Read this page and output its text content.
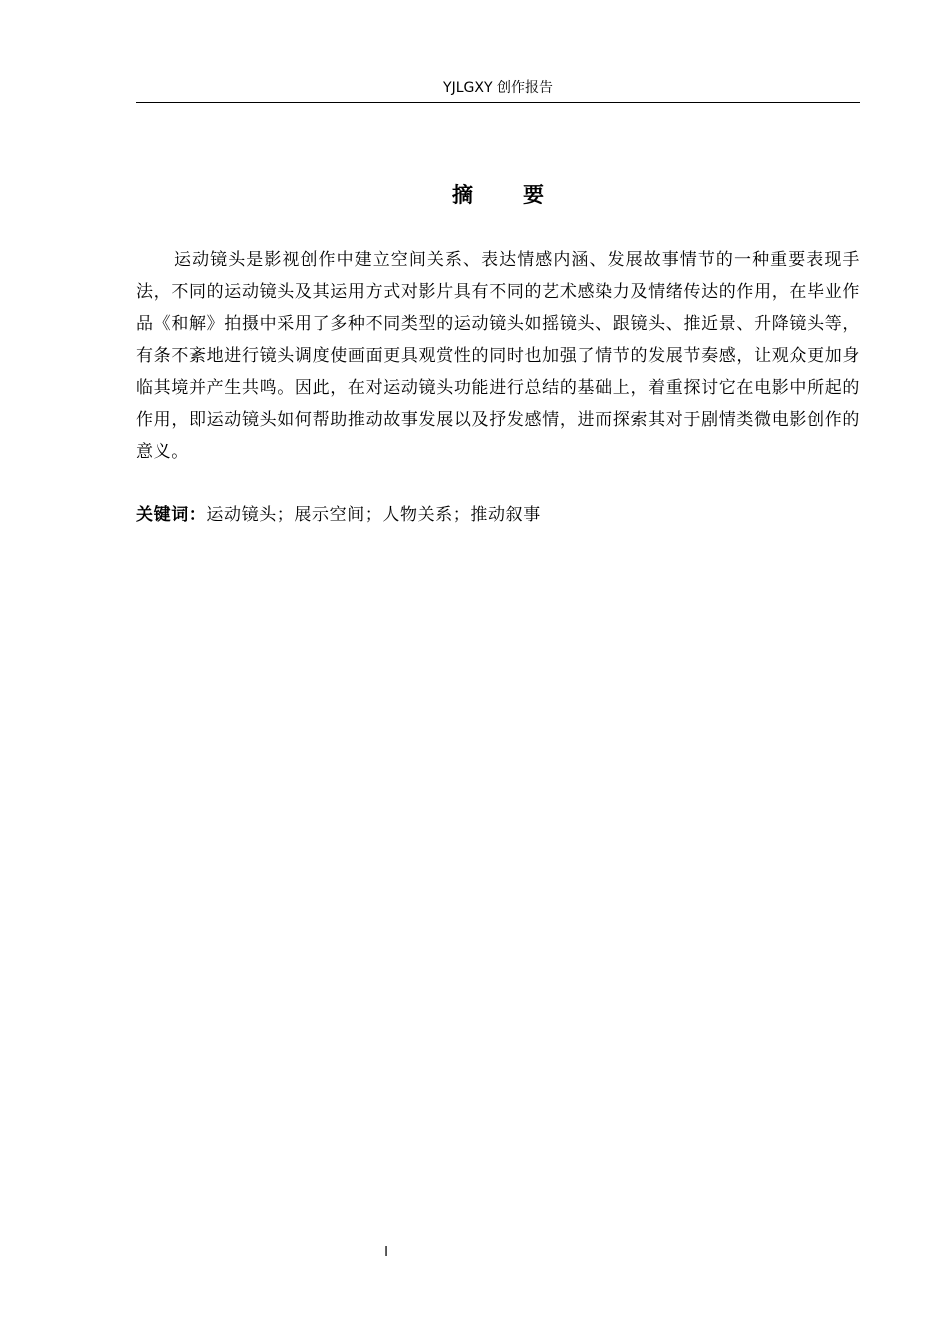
YJLGXY 创作报告
摘要

运动镜头是影视创作中建立空间关系、表达情感内涵、发展故事情节的一种重要表现手法，不同的运动镜头及其运用方式对影片具有不同的艺术感染力及情绪传达的作用，在毕业作品《和解》拍摄中采用了多种不同类型的运动镜头如摇镜头、跟镜头、推近景、升降镜头等，有条不紊地进行镜头调度使画面更具观赏性的同时也加强了情节的发展节奏感，让观众更加身临其境并产生共鸣。因此，在对运动镜头功能进行总结的基础上，着重探讨它在电影中所起的作用，即运动镜头如何帮助推动故事发展以及抒发感情，进而探索其对于剧情类微电影创作的意义。

关键词：运动镜头；展示空间；人物关系；推动叙事
I
